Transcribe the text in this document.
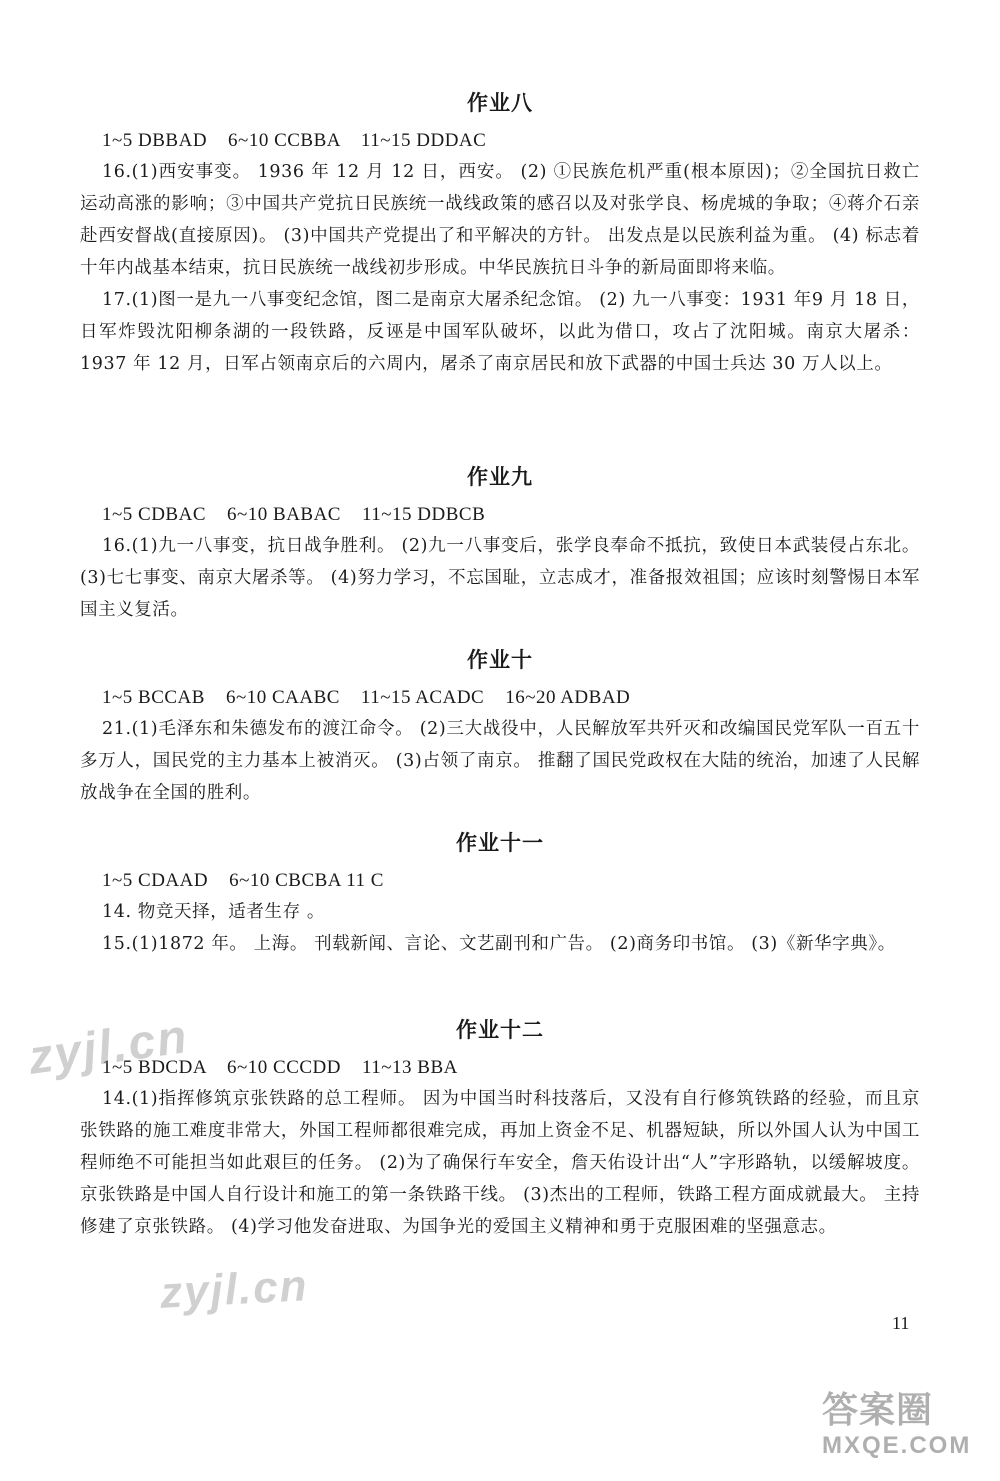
作业八
1~5 DBBAD    6~10 CCBBA    11~15 DDDAC
16.(1)西安事变。 1936 年 12 月 12 日，西安。 (2) ①民族危机严重(根本原因)；②全国抗日救亡运动高涨的影响；③中国共产党抗日民族统一战线政策的感召以及对张学良、杨虎城的争取；④蒋介石亲赴西安督战(直接原因)。 (3)中国共产党提出了和平解决的方针。 出发点是以民族利益为重。 (4) 标志着十年内战基本结束，抗日民族统一战线初步形成。中华民族抗日斗争的新局面即将来临。
17.(1)图一是九一八事变纪念馆，图二是南京大屠杀纪念馆。 (2) 九一八事变：1931 年9 月 18 日，日军炸毁沈阳柳条湖的一段铁路，反诬是中国军队破坏，以此为借口，攻占了沈阳城。南京大屠杀：1937 年 12 月，日军占领南京后的六周内，屠杀了南京居民和放下武器的中国士兵达 30 万人以上。
作业九
1~5 CDBAC    6~10 BABAC    11~15 DDBCB
16.(1)九一八事变，抗日战争胜利。 (2)九一八事变后，张学良奉命不抵抗，致使日本武装侵占东北。 (3)七七事变、南京大屠杀等。 (4)努力学习，不忘国耻，立志成才，准备报效祖国；应该时刻警惕日本军国主义复活。
作业十
1~5 BCCAB    6~10 CAABC    11~15 ACADC    16~20 ADBAD
21.(1)毛泽东和朱德发布的渡江命令。 (2)三大战役中，人民解放军共歼灭和改编国民党军队一百五十多万人，国民党的主力基本上被消灭。 (3)占领了南京。 推翻了国民党政权在大陆的统治，加速了人民解放战争在全国的胜利。
作业十一
1~5 CDAAD    6~10 CBCBA 11 C
14. 物竞天择，适者生存 。
15.(1)1872 年。 上海。 刊载新闻、言论、文艺副刊和广告。 (2)商务印书馆。 (3)《新华字典》。
作业十二
1~5 BDCDA    6~10 CCCDD    11~13 BBA
14.(1)指挥修筑京张铁路的总工程师。 因为中国当时科技落后，又没有自行修筑铁路的经验，而且京张铁路的施工难度非常大，外国工程师都很难完成，再加上资金不足、机器短缺，所以外国人认为中国工程师绝不可能担当如此艰巨的任务。 (2)为了确保行车安全，詹天佑设计出“人”字形路轨，以缓解坡度。 京张铁路是中国人自行设计和施工的第一条铁路干线。 (3)杰出的工程师，铁路工程方面成就最大。 主持修建了京张铁路。 (4)学习他发奋进取、为国争光的爱国主义精神和勇于克服困难的坚强意志。
11
zyjl.cn
zyjl.cn
答案圈
MXQE.COM
